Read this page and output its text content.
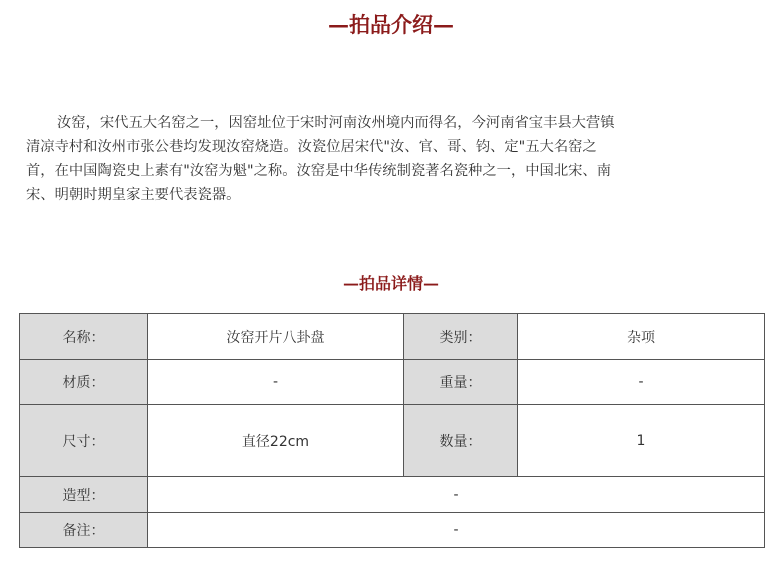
—拍品介绍—

汝窑，宋代五大名窑之一，因窑址位于宋时河南汝州境内而得名，今河南省宝丰县大营镇
清凉寺村和汝州市张公巷均发现汝窑烧造。汝瓷位居宋代"汝、官、哥、钧、定"五大名窑之
首，在中国陶瓷史上素有"汝窑为魁"之称。汝窑是中华传统制瓷著名瓷种之一，中国北宋、南
宋、明朝时期皇家主要代表瓷器。

—拍品详情—
名称：	汝窑开片八卦盘	类别：	杂项
材质：	-	重量：	-
尺寸：	直径22cm	数量：	1
造型：	-		
备注：	-		
